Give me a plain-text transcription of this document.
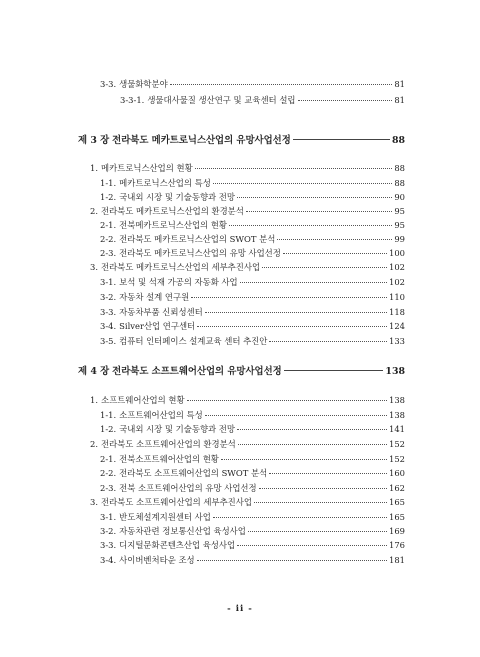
3-3. 생물화학분야	81
3-3-1. 생물대사물질 생산연구 및 교육센터 설립	81
제 3 장 전라북도 메카트로닉스산업의 유망사업선정	88
1. 메카트로닉스산업의 현황	88
1-1. 메카트로닉스산업의 특성	88
1-2. 국내외 시장 및 기술동향과 전망	90
2. 전라북도 메카트로닉스산업의 환경분석	95
2-1. 전북메카트로닉스산업의 현황	95
2-2. 전라북도 메카트로닉스산업의 SWOT 분석	99
2-3. 전라북도 메카트로닉스산업의 유망 사업선정	100
3. 전라북도 메카트로닉스산업의 세부추진사업	102
3-1. 보석 및 석재 가공의 자동화 사업	102
3-2. 자동차 설계 연구원	110
3-3. 자동차부품 신뢰성센터	118
3-4. Silver산업 연구센터	124
3-5. 컴퓨터 인터페이스 설계교육 센터 추진안	133
제 4 장 전라북도 소프트웨어산업의 유망사업선정	138
1. 소프트웨어산업의 현황	138
1-1. 소프트웨어산업의 특성	138
1-2. 국내외 시장 및 기술동향과 전망	141
2. 전라북도 소프트웨어산업의 환경분석	152
2-1. 전북소프트웨어산업의 현황	152
2-2. 전라북도 소프트웨어산업의 SWOT 분석	160
2-3. 전북 소프트웨어산업의 유망 사업선정	162
3. 전라북도 소프트웨어산업의 세부추진사업	165
3-1. 반도체설계지원센터 사업	165
3-2. 자동차관련 정보통신산업 육성사업	169
3-3. 디지털문화콘텐츠산업 육성사업	176
3-4. 사이버벤처타운 조성	181
- ii -
